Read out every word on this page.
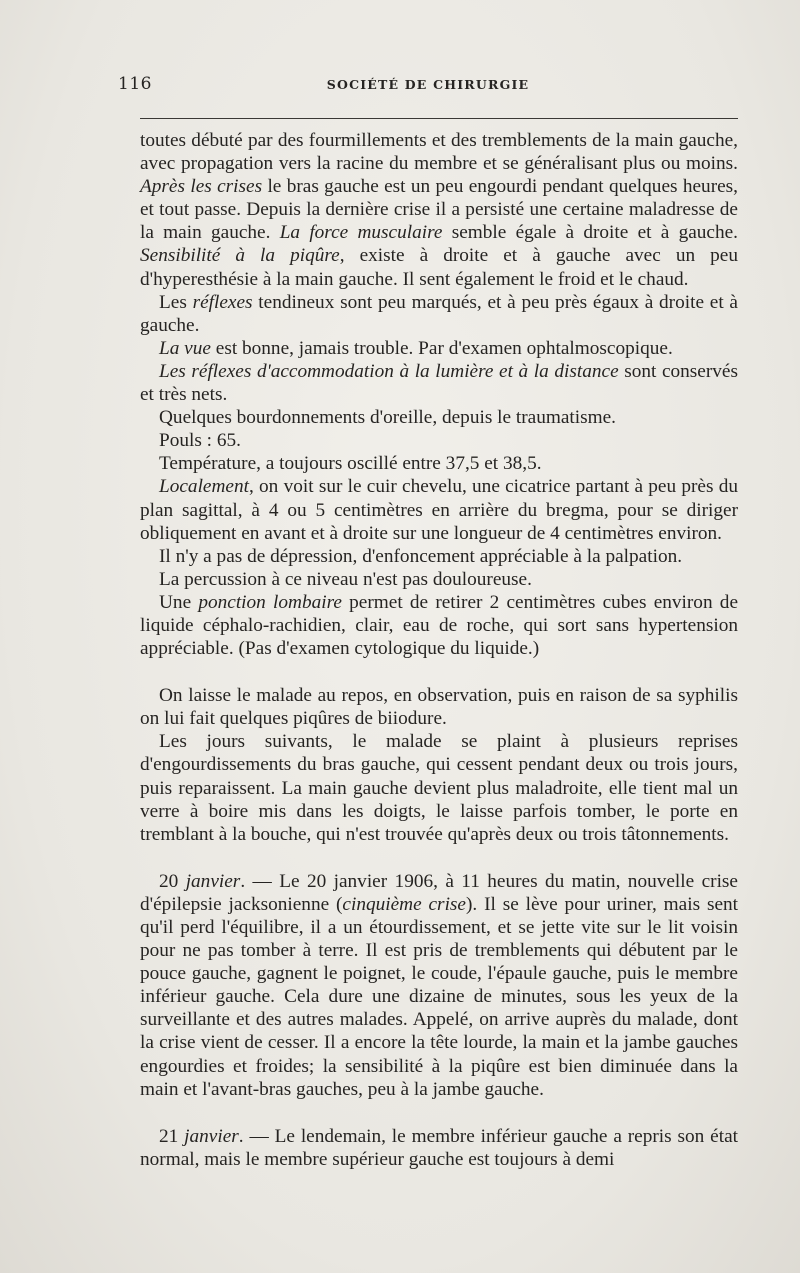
116	SOCIÉTÉ DE CHIRURGIE

toutes débuté par des fourmillements et des tremblements de la main gauche, avec propagation vers la racine du membre et se généralisant plus ou moins. Après les crises le bras gauche est un peu engourdi pendant quelques heures, et tout passe. Depuis la dernière crise il a persisté une certaine maladresse de la main gauche. La force musculaire semble égale à droite et à gauche. Sensibilité à la piqûre, existe à droite et à gauche avec un peu d'hyperesthésie à la main gauche. Il sent également le froid et le chaud.

Les réflexes tendineux sont peu marqués, et à peu près égaux à droite et à gauche.

La vue est bonne, jamais trouble. Par d'examen ophtalmoscopique.

Les réflexes d'accommodation à la lumière et à la distance sont conservés et très nets.

Quelques bourdonnements d'oreille, depuis le traumatisme.

Pouls : 65.

Température, a toujours oscillé entre 37,5 et 38,5.

Localement, on voit sur le cuir chevelu, une cicatrice partant à peu près du plan sagittal, à 4 ou 5 centimètres en arrière du bregma, pour se diriger obliquement en avant et à droite sur une longueur de 4 centimètres environ.

Il n'y a pas de dépression, d'enfoncement appréciable à la palpation.

La percussion à ce niveau n'est pas douloureuse.

Une ponction lombaire permet de retirer 2 centimètres cubes environ de liquide céphalo-rachidien, clair, eau de roche, qui sort sans hypertension appréciable. (Pas d'examen cytologique du liquide.)

On laisse le malade au repos, en observation, puis en raison de sa syphilis on lui fait quelques piqûres de biiodure.

Les jours suivants, le malade se plaint à plusieurs reprises d'engourdissements du bras gauche, qui cessent pendant deux ou trois jours, puis reparaissent. La main gauche devient plus maladroite, elle tient mal un verre à boire mis dans les doigts, le laisse parfois tomber, le porte en tremblant à la bouche, qui n'est trouvée qu'après deux ou trois tâtonnements.

20 janvier. — Le 20 janvier 1906, à 11 heures du matin, nouvelle crise d'épilepsie jacksonienne (cinquième crise). Il se lève pour uriner, mais sent qu'il perd l'équilibre, il a un étourdissement, et se jette vite sur le lit voisin pour ne pas tomber à terre. Il est pris de tremblements qui débutent par le pouce gauche, gagnent le poignet, le coude, l'épaule gauche, puis le membre inférieur gauche. Cela dure une dizaine de minutes, sous les yeux de la surveillante et des autres malades. Appelé, on arrive auprès du malade, dont la crise vient de cesser. Il a encore la tête lourde, la main et la jambe gauches engourdies et froides; la sensibilité à la piqûre est bien diminuée dans la main et l'avant-bras gauches, peu à la jambe gauche.

21 janvier. — Le lendemain, le membre inférieur gauche a repris son état normal, mais le membre supérieur gauche est toujours à demi
